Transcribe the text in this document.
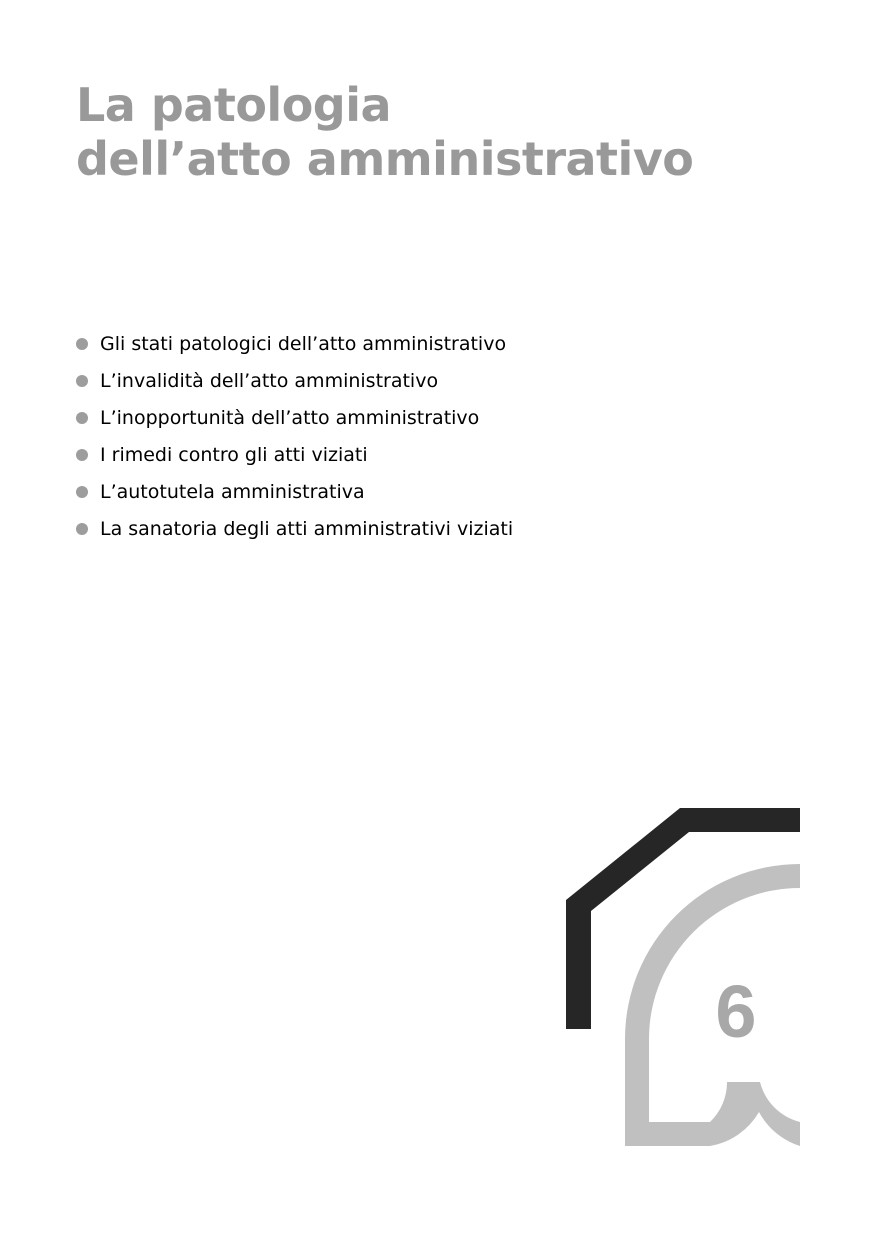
La patologia
dell’atto amministrativo
Gli stati patologici dell’atto amministrativo
L’invalidità dell’atto amministrativo
L’inopportunità dell’atto amministrativo
I rimedi contro gli atti viziati
L’autotutela amministrativa
La sanatoria degli atti amministrativi viziati
6
